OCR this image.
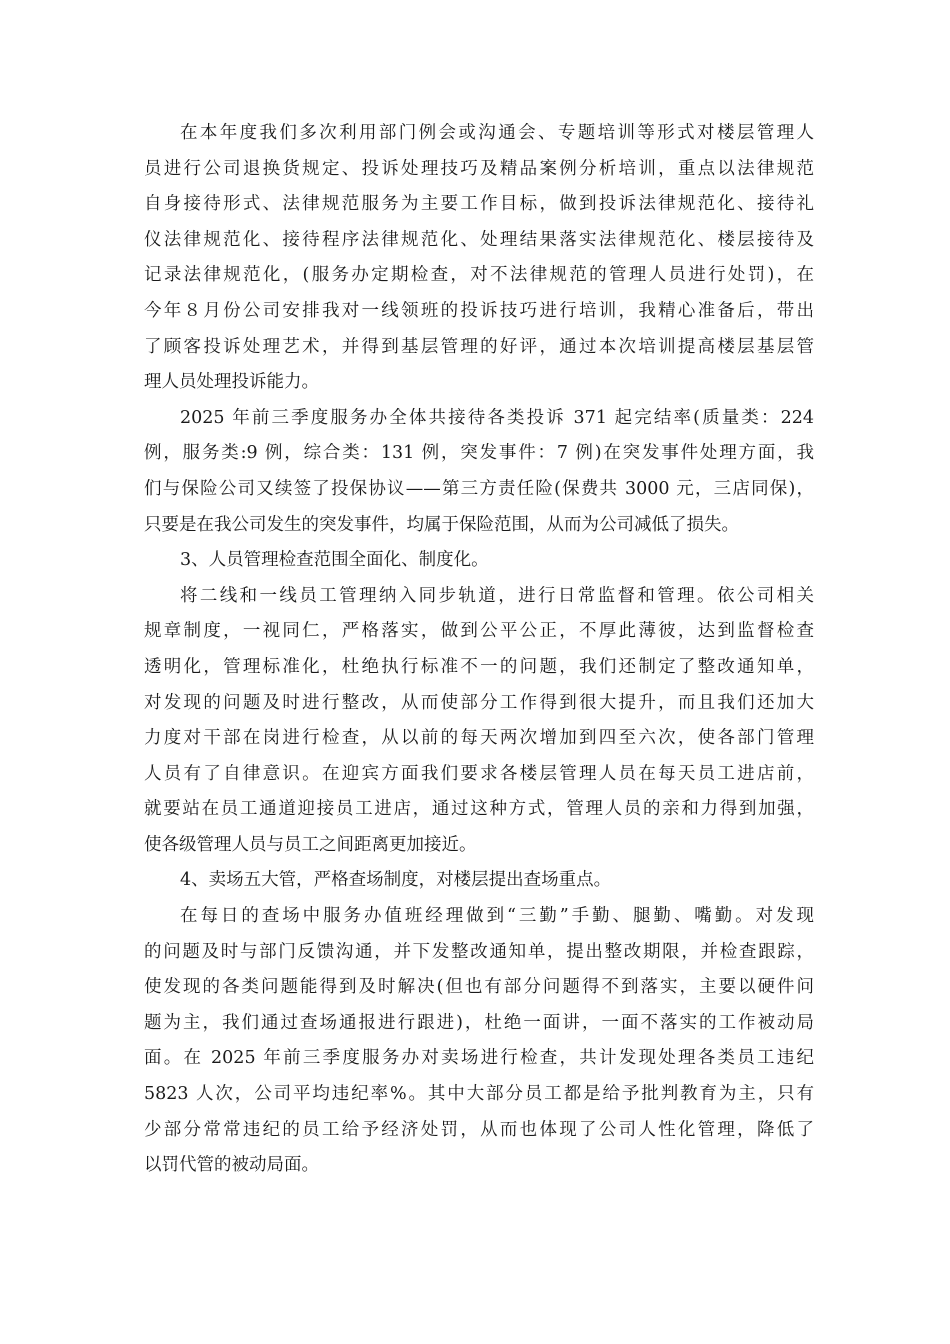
在本年度我们多次利用部门例会或沟通会、专题培训等形式对楼层管理人
员进行公司退换货规定、投诉处理技巧及精品案例分析培训，重点以法律规范
自身接待形式、法律规范服务为主要工作目标，做到投诉法律规范化、接待礼
仪法律规范化、接待程序法律规范化、处理结果落实法律规范化、楼层接待及
记录法律规范化，(服务办定期检查，对不法律规范的管理人员进行处罚)，在
今年８月份公司安排我对一线领班的投诉技巧进行培训，我精心准备后，带出
了顾客投诉处理艺术，并得到基层管理的好评，通过本次培训提高楼层基层管
理人员处理投诉能力。
2025 年前三季度服务办全体共接待各类投诉 371 起完结率(质量类：224
例，服务类:9 例，综合类：131 例，突发事件：7 例)在突发事件处理方面，我
们与保险公司又续签了投保协议——第三方责任险(保费共 3000 元，三店同保)，
只要是在我公司发生的突发事件，均属于保险范围，从而为公司减低了损失。
3、人员管理检查范围全面化、制度化。
将二线和一线员工管理纳入同步轨道，进行日常监督和管理。依公司相关
规章制度，一视同仁，严格落实，做到公平公正，不厚此薄彼，达到监督检查
透明化，管理标准化，杜绝执行标准不一的问题，我们还制定了整改通知单，
对发现的问题及时进行整改，从而使部分工作得到很大提升，而且我们还加大
力度对干部在岗进行检查，从以前的每天两次增加到四至六次，使各部门管理
人员有了自律意识。在迎宾方面我们要求各楼层管理人员在每天员工进店前，
就要站在员工通道迎接员工进店，通过这种方式，管理人员的亲和力得到加强，
使各级管理人员与员工之间距离更加接近。
4、卖场五大管，严格查场制度，对楼层提出查场重点。
在每日的查场中服务办值班经理做到“三勤”手勤、腿勤、嘴勤。对发现
的问题及时与部门反馈沟通，并下发整改通知单，提出整改期限，并检查跟踪，
使发现的各类问题能得到及时解决(但也有部分问题得不到落实，主要以硬件问
题为主，我们通过查场通报进行跟进)，杜绝一面讲，一面不落实的工作被动局
面。在 2025 年前三季度服务办对卖场进行检查，共计发现处理各类员工违纪
5823 人次，公司平均违纪率%。其中大部分员工都是给予批判教育为主，只有
少部分常常违纪的员工给予经济处罚，从而也体现了公司人性化管理，降低了
以罚代管的被动局面。
